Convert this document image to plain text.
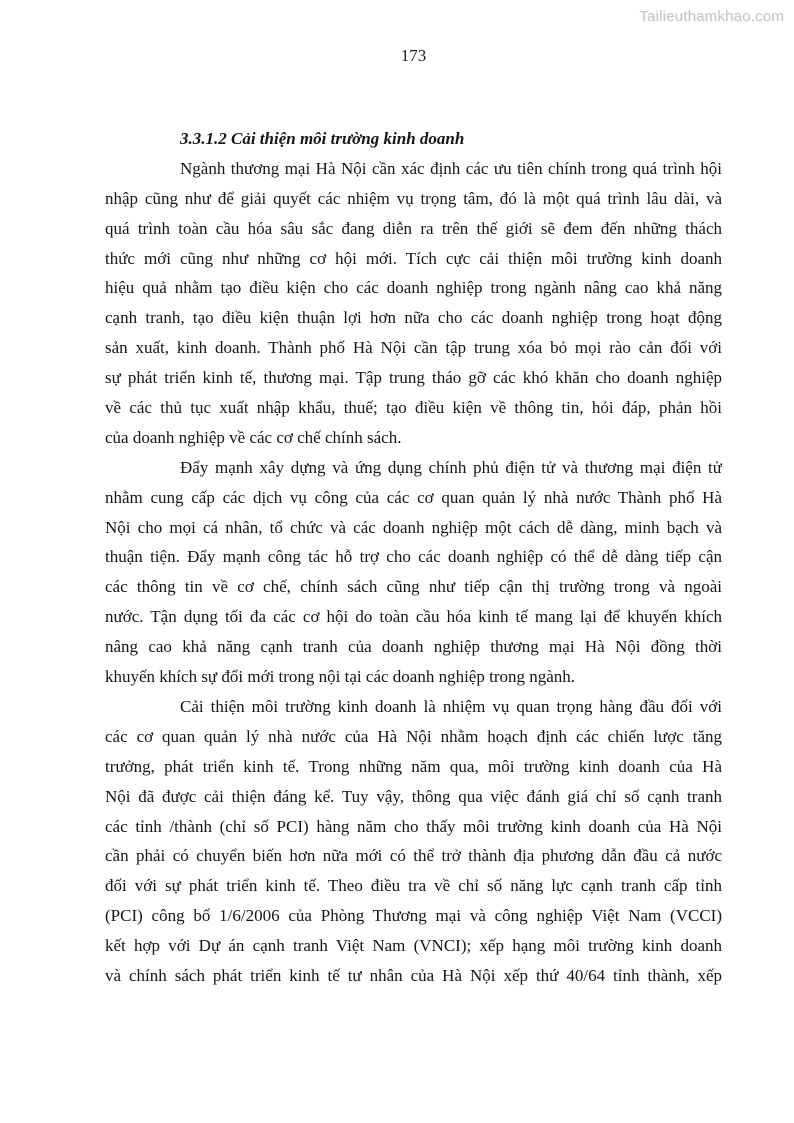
Tailieuthamkhao.com
173
3.3.1.2 Cải thiện môi trường kinh doanh
Ngành thương mại Hà Nội cần xác định các ưu tiên chính trong quá trình hội
nhập cũng như để giải quyết các nhiệm vụ trọng tâm, đó là một quá trình lâu dài, và
quá trình toàn cầu hóa sâu sắc đang diễn ra trên thế giới sẽ đem đến những thách
thức mới cũng như những cơ hội mới. Tích cực cải thiện môi trường kinh doanh
hiệu quả nhằm tạo điều kiện cho các doanh nghiệp trong ngành nâng cao khả năng
cạnh tranh, tạo điều kiện thuận lợi hơn nữa cho các doanh nghiệp trong hoạt động
sản xuất, kinh doanh. Thành phố Hà Nội cần tập trung xóa bỏ mọi rào cản đối với
sự phát triển kinh tế, thương mại. Tập trung tháo gỡ các khó khăn cho doanh nghiệp
về các thủ tục xuất nhập khẩu, thuế; tạo điều kiện về thông tin, hỏi đáp, phản hồi
của doanh nghiệp về các cơ chế chính sách.
Đẩy mạnh xây dựng và ứng dụng chính phủ điện tử và thương mại điện tử
nhằm cung cấp các dịch vụ công của các cơ quan quản lý nhà nước Thành phố Hà
Nội cho mọi cá nhân, tổ chức và các doanh nghiệp một cách dễ dàng, minh bạch và
thuận tiện. Đẩy mạnh công tác hỗ trợ cho các doanh nghiệp có thể dễ dàng tiếp cận
các thông tin về cơ chế, chính sách cũng như tiếp cận thị trường trong và ngoài
nước. Tận dụng tối đa các cơ hội do toàn cầu hóa kinh tế mang lại để khuyến khích
nâng cao khả năng cạnh tranh của doanh nghiệp thương mại Hà Nội đồng thời
khuyến khích sự đổi mới trong nội tại các doanh nghiệp trong ngành.
Cải thiện môi trường kinh doanh là nhiệm vụ quan trọng hàng đầu đối với
các cơ quan quản lý nhà nước của Hà Nội nhằm hoạch định các chiến lược tăng
trưởng, phát triển kinh tế. Trong những năm qua, môi trường kinh doanh của Hà
Nội đã được cải thiện đáng kể. Tuy vậy, thông qua việc đánh giá chỉ số cạnh tranh
các tỉnh /thành (chỉ số PCI) hàng năm cho thấy môi trường kinh doanh của Hà Nội
cần phải có chuyển biến hơn nữa mới có thể trở thành địa phương dẫn đầu cả nước
đối với sự phát triển kinh tế. Theo điều tra về chỉ số năng lực cạnh tranh cấp tỉnh
(PCI) công bố 1/6/2006 của Phòng Thương mại và công nghiệp Việt Nam (VCCI)
kết hợp với Dự án cạnh tranh Việt Nam (VNCI); xếp hạng môi trường kinh doanh
và chính sách phát triển kinh tế tư nhân của Hà Nội xếp thứ 40/64 tỉnh thành, xếp
